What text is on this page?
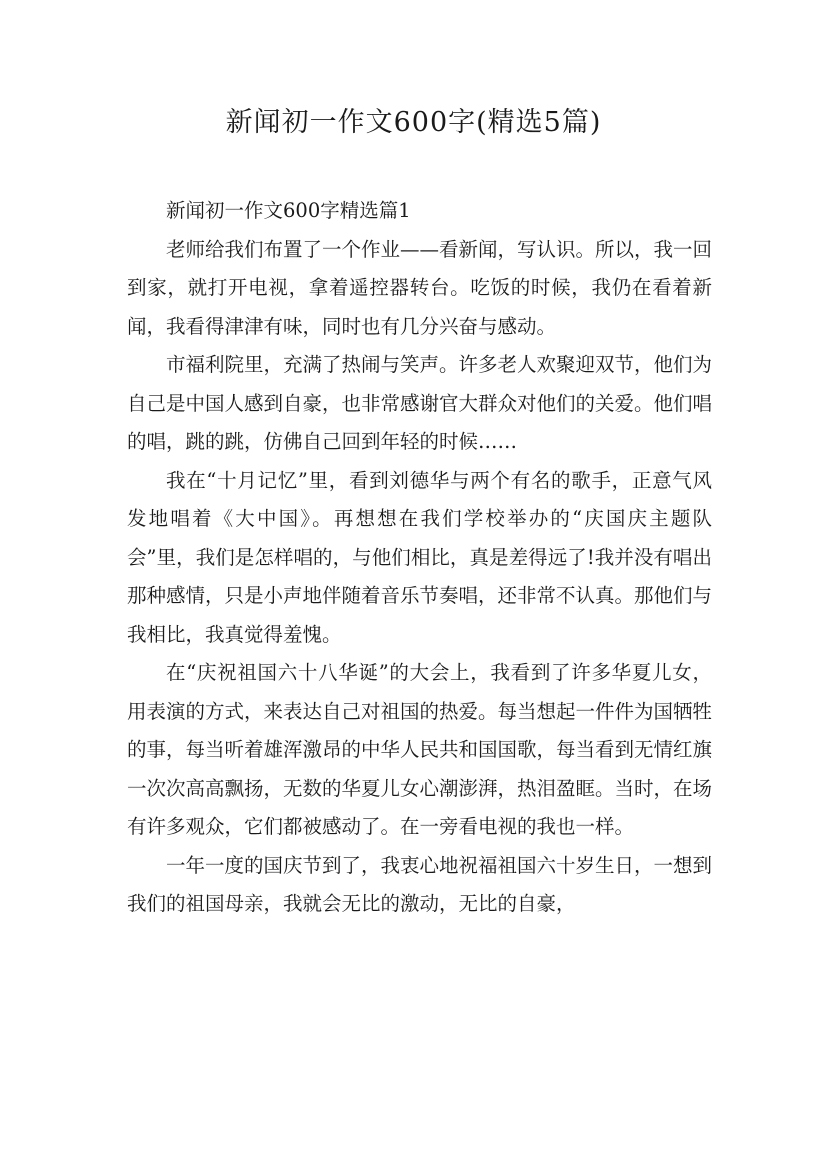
新闻初一作文600字(精选5篇)

新闻初一作文600字精选篇1

老师给我们布置了一个作业——看新闻，写认识。所以，我一回到家，就打开电视，拿着遥控器转台。吃饭的时候，我仍在看着新闻，我看得津津有味，同时也有几分兴奋与感动。

市福利院里，充满了热闹与笑声。许多老人欢聚迎双节，他们为自己是中国人感到自豪，也非常感谢官大群众对他们的关爱。他们唱的唱，跳的跳，仿佛自己回到年轻的时候……

我在“十月记忆”里，看到刘德华与两个有名的歌手，正意气风发地唱着《大中国》。再想想在我们学校举办的“庆国庆主题队会”里，我们是怎样唱的，与他们相比，真是差得远了!我并没有唱出那种感情，只是小声地伴随着音乐节奏唱，还非常不认真。那他们与我相比，我真觉得羞愧。

在“庆祝祖国六十八华诞”的大会上，我看到了许多华夏儿女，用表演的方式，来表达自己对祖国的热爱。每当想起一件件为国牺牲的事，每当听着雄浑激昂的中华人民共和国国歌，每当看到无情红旗一次次高高飘扬，无数的华夏儿女心潮澎湃，热泪盈眶。当时，在场有许多观众，它们都被感动了。在一旁看电视的我也一样。

一年一度的国庆节到了，我衷心地祝福祖国六十岁生日，一想到我们的祖国母亲，我就会无比的激动，无比的自豪，
